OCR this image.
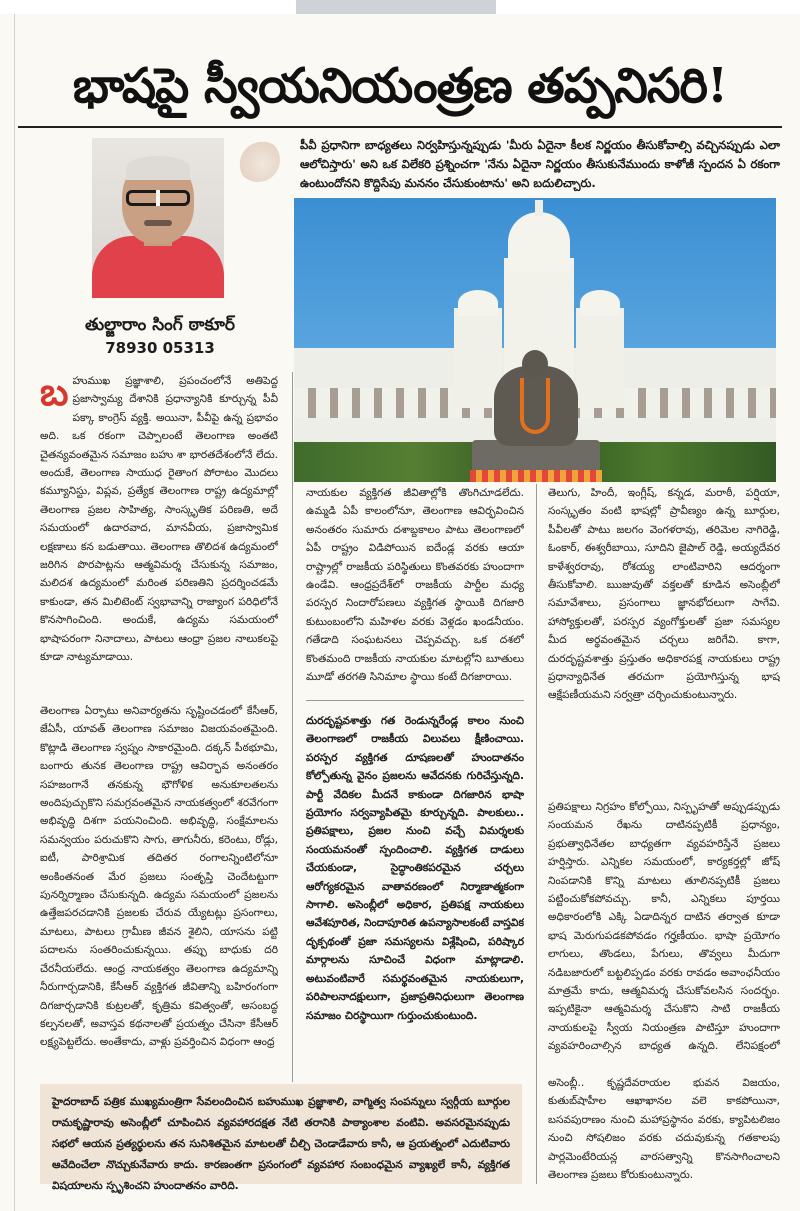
భాషపై స్వీయనియంత్రణ తప్పనిసరి!
తుల్జారాం సింగ్ ఠాకూర్
78930 05313
పీవీ ప్రధానిగా బాధ్యతలు నిర్వహిస్తున్నప్పుడు 'మీరు ఏదైనా కీలక నిర్ణయం తీసుకోవాల్సి వచ్చినప్పుడు ఎలా ఆలోచిస్తారు' అని ఒక విలేకరి ప్రశ్నించగా 'నేను ఏదైనా నిర్ణయం తీసుకునేముందు కాళోజీ స్పందన ఏ రకంగా ఉంటుందోనని కొద్దిసేపు మననం చేసుకుంటాను' అని బదులిచ్చారు.
బ హుముఖ ప్రజ్ఞాశాలి, ప్రపంచంలోనే అతిపెద్ద ప్రజాస్వామ్య దేశానికి ప్రధాన్యానికి కూర్చున్న పీవీ పక్కా కాంగ్రెస్ వ్యక్తి. అయినా, పీవీపై ఉన్న ప్రభావం అది. ఒక రకంగా చెప్పాలంటే తెలంగాణ అంతటి చైతన్యవంతమైన సమాజం బహు శా భారతదేశంలోనే లేదు. అందుకే, తెలంగాణ సాయుధ రైతాంగ పోరాటం మొదలు కమ్యూనిస్టు, విప్లవ, ప్రత్యేక తెలంగాణ రాష్ట్ర ఉద్యమాల్లో తెలంగాణ ప్రజల సాహిత్య, సాంస్కృతిక పరిణతి, అదే సమయంలో ఉదారవాద, మానవీయ, ప్రజాస్వామిక లక్షణాలు కన బడుతాయి. తెలంగాణ తొలిదశ ఉద్యమంలో జరిగిన పొరపాట్లను ఆత్మవిమర్శ చేసుకున్న సమాజం, మలిదశ ఉద్యమంలో మరింత పరిణతిని ప్రదర్శించడమే కాకుండా, తన మిలిటెంట్ స్వభావాన్ని రాజ్యాంగ పరిధిలోనే కొనసాగించింది. అందుకే, ఉద్యమ సమయంలో భాషాపరంగా నినాదాలు, పాటలు ఆంధ్రా ప్రజల నాలుకలపై కూడా నాట్యమాడాయి.
తెలంగాణ ఏర్పాటు అనివార్యతను సృష్టించడంలో కేసీఆర్, జేఏసీ, యావత్ తెలంగాణ సమాజం విజయవంతమైంది. కొట్లాడి తెలంగాణ స్వప్నం సాకారమైంది. దక్కన్ పీఠభూమి, బంగారు తునక తెలంగాణ రాష్ట్ర ఆవిర్భావ అనంతరం సహజంగానే తనకున్న భౌగోళిక అనుకూలతలను అందిపుచ్చుకొని సమగ్రవంతమైన నాయకత్వంలో శరవేగంగా అభివృద్ధి దిశగా పయనించింది. అభివృద్ధి, సంక్షేమాలను సమన్వయం పరుచుకొని సాగు, తాగునీరు, కరెంటు, రోడ్లు, ఐటీ, పారిశ్రామిక తదితర రంగాలన్నింటిలోనూ అంకింతనంత మేర ప్రజలు సంతృప్తి చెందేటట్టుగా పునర్నిర్మాణం చేసుకున్నది. ఉద్యమ సమయంలో ప్రజలను ఉత్తేజపరచడానికి ప్రజలకు చేరువ య్యేటట్లు ప్రసంగాలు, మాటలు, పాటలు గ్రామీణ జీవన శైలిని, యాసను పట్టి పదాలను సంతరించుకున్నయి. తప్పు బాధుకు దరి చేరనీయలేదు. ఆంధ్ర నాయకత్వం తెలంగాణ ఉద్యమాన్ని నీరుగార్చడానికి, కేసీఆర్ వ్యక్తిగత జీవితాన్ని బహిరంగంగా దిగజార్చడానికి కుట్రలతో, కృత్రిమ కవిత్వంతో, అసంబద్ధ కల్పనలతో, అవాస్తవ కథనాలతో ప్రయత్నం చేసినా కేసీఆర్ లక్ష్యపెట్టలేదు. అంతేకాదు, వాళ్లు ప్రవర్తించిన విధంగా ఆంధ్ర
నాయకుల వ్యక్తిగత జీవితాల్లోకి తొంగిచూడలేదు. ఉమ్మడి ఏపీ కాలంలోనూ, తెలంగాణ ఆవిర్భవించిన అనంతరం సుమారు దశాబ్దకాలం పాటు తెలంగాణలో ఏపీ రాష్ట్రం విడిపోయిన ఐదేండ్ల వరకు ఆయా రాష్ట్రాల్లో రాజకీయ పరిస్థితులు కొంతవరకు హుందాగా ఉండేవి. ఆంధ్రప్రదేశ్‌లో రాజకీయ పార్టీల మధ్య పరస్పర నిందారోపణలు వ్యక్తిగత స్థాయికి దిగజారి కుటుంబంలోని మహిళల వరకు వెళ్లడం ఖండనీయం. గతేడాది సంఘటనలు చెప్పవచ్చు. ఒక దశలో కొంతమంది రాజకీయ నాయకుల మాటల్లోని బూతులు మూడో తరగతి సినిమాల స్థాయి కంటే దిగజారాయి.
దురదృష్టవశాత్తు గత రెండున్నరేండ్ల కాలం నుంచి తెలంగాణలో రాజకీయ విలువలు క్షీణించాయి. పరస్పర వ్యక్తిగత దూషణలతో హుందాతనం కోల్పోతున్న వైనం ప్రజలను ఆవేదనకు గురిచేస్తున్నది. పార్టీ వేదికల మీదనే కాకుండా దిగజారిన భాషా ప్రయోగం సర్వవ్యాపితమై కూర్చున్నది. పాలకులు.. ప్రతిపక్షాలు, ప్రజల నుంచి వచ్చే విమర్శలకు సంయమనంతో స్పందించాలి. వ్యక్తిగత దాడులు చేయకుండా, సైద్ధాంతికపరమైన చర్చలు ఆరోగ్యకరమైన వాతావరణంలో నిర్మాణాత్మకంగా సాగాలి. అసెంబ్లీలో అధికార, ప్రతిపక్ష నాయకులు ఆవేశపూరిత, నిందాపూరిత ఉపన్యాసాలకంటే వాస్తవిక దృక్పథంతో ప్రజా సమస్యలను విశ్లేషించి, పరిష్కార మార్గాలను సూచించే విధంగా మాట్లాడాలి. అటువంటివారే సమర్థవంతమైన నాయకులుగా, పరిపాలనాదక్షులుగా, ప్రజాప్రతినిధులుగా తెలంగాణ సమాజం చిరస్థాయిగా గుర్తుంచుకుంటుంది.
తెలుగు, హిందీ, ఇంగ్లీష్, కన్నడ, మరాఠీ, పర్షియా, సంస్కృతం వంటి భాషల్లో ప్రావీణ్యం ఉన్న బూర్గుల, పీవీలతో పాటు జలగం వెంగళరావు, తరిమెల నాగిరెడ్డి, ఓంకార్, ఈశ్వరీబాయి, సూదిని జైపాల్ రెడ్డి, అయ్యదేవర కాళేశ్వరరావు, రోశయ్య లాంటివారిని ఆదర్శంగా తీసుకోవాలి. ఋజువుతో వక్తలతో కూడిన అసెంబ్లీలో సమావేశాలు, ప్రసంగాలు జ్ఞానభోదలుగా సాగేవి. హాస్యోక్తులతో, పరస్పర వ్యంగోక్తులతో ప్రజా సమస్యల మీద అర్థవంతమైన చర్చలు జరిగేవి. కాగా, దురదృష్టవశాత్తు ప్రస్తుతం అధికారపక్ష నాయకులు రాష్ట్ర ప్రధాన్యాధినేత తరచుగా ప్రయోగిస్తున్న భాష ఆక్షేపణీయమని సర్వత్రా చర్చించుకుంటున్నారు.
ప్రతిపక్షాలు నిగ్రహం కోల్పోయి, నిస్పృహతో అప్పుడప్పుడు సంయమన రేఖను దాటినప్పటికీ ప్రధాన్యం, ప్రభుత్వాధినేతల బాధ్యతగా వ్యవహరిస్తేనే ప్రజలు హర్షిస్తారు. ఎన్నికల సమయంలో, కార్యకర్తల్లో జోష్ నింపడానికి కొన్ని మాటలు తూలినప్పటికీ ప్రజలు పట్టించుకోకపోవచ్చు. కానీ, ఎన్నికలు పూర్తయి అధికారంలోకి ఎక్కి ఏడాదిన్నర దాటిన తర్వాత కూడా భాష మెరుగుపడకపోవడం గర్హణీయం. భాషా ప్రయోగం లాగులు, తొండలు, పేగులు, తొవ్వలు మీదుగా నడిబజారులో బట్టలిప్పడం వరకు రావడం అవాంఛనీయం మాత్రమే కాదు, ఆత్మవిమర్శ చేసుకోవలసిన సందర్భం. ఇప్పటికైనా ఆత్మవిమర్శ చేసుకొని సాటి రాజకీయ నాయకులపై స్వీయ నియంత్రణ పాటిస్తూ హుందాగా వ్యవహరించాల్సిన బాధ్యత ఉన్నది. లేనిపక్షంలో
అసెంబ్లీ.. కృష్ణదేవరాయల భువన విజయం, కుతుబ్‌షాహీల ఆఖాఖానల వలె కాకపోయినా, బసవపురాణం నుంచి మహాప్రస్థానం వరకు, క్యాపిటలిజం నుంచి సోషలిజం వరకు చదువుకున్న గతకాలపు పార్లమెంటేరియన్ల వారసత్వాన్ని కొనసాగించాలని తెలంగాణ ప్రజలు కోరుకుంటున్నారు.

హైదరాబాద్ పత్రిక ముఖ్యమంత్రిగా సేవలందించిన బహుముఖ ప్రజ్ఞాశాలి, వాగ్మిత్వ సంపన్నులు స్వర్గీయ బూర్గుల రామకృష్ణారావు అసెంబ్లీలో చూపించిన వ్యవహారదక్షత నేటి తరానికి పాఠ్యాంశాల వంటివి. అవసరమైనప్పుడు సభలో ఆయన ప్రత్యర్థులను తన సునిశితమైన మాటలతో చీల్చి చెండాడేవారు కానీ, ఆ ప్రయత్నంలో ఎదుటివారు ఆవేదించేలా నొచ్చుకునేవారు కాదు. కారణంతగా ప్రసంగంలో వ్యవహార సంబంధమైన వ్యాఖ్యలే కానీ, వ్యక్తిగత విషయాలను స్పృశించని హుందాతనం వారిది.
